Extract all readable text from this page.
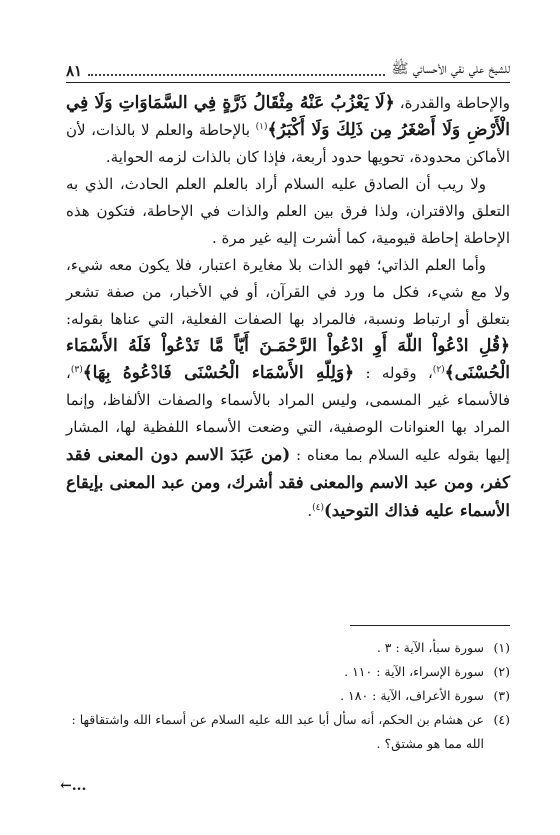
للشيخ علي نقي الأحسائي ﷺ
٨١

والإحاطة والقدرة، ﴿لَا يَعْزُبُ عَنْهُ مِثْقَالُ ذَرَّةٍ فِي السَّمَاوَاتِ وَلَا فِي الْأَرْضِ وَلَا أَصْغَرُ مِن ذَلِكَ وَلَا أَكْبَرُ﴾$^{(١)}$ بالإحاطة والعلم لا بالذات، لأن الأماكن محدودة، تحويها حدود أربعة، فإذا كان بالذات لزمه الحواية.

ولا ريب أن الصادق عليه السلام أراد بالعلم العلم الحادث، الذي به التعلق والاقتران، ولذا فرق بين العلم والذات في الإحاطة، فتكون هذه الإحاطة إحاطة قيومية، كما أشرت إليه غير مرة .

وأما العلم الذاتي؛ فهو الذات بلا مغايرة اعتبار، فلا يكون معه شيء، ولا مع شيء، فكل ما ورد في القرآن، أو في الأخبار، من صفة تشعر بتعلق أو ارتباط ونسبة، فالمراد بها الصفات الفعلية، التي عناها بقوله: ﴿قُلِ ادْعُواْ اللّهَ أَوِ ادْعُواْ الرَّحْمَـنَ أَيّاً مَّا تَدْعُواْ فَلَهُ الأَسْمَاء الْحُسْنَى﴾$^{(٢)}$، وقوله : ﴿وَلِلّهِ الأَسْمَاء الْحُسْنَى فَادْعُوهُ بِهَا﴾$^{(٣)}$، فالأسماء غير المسمى، وليس المراد بالأسماء والصفات الألفاظ، وإنما المراد بها العنوانات الوصفية، التي وضعت الأسماء اللفظية لها، المشار إليها بقوله عليه السلام بما معناه : (من عَبَدَ الاسم دون المعنى فقد كفر، ومن عبد الاسم والمعنى فقد أشرك، ومن عبد المعنى بإيقاع الأسماء عليه فذاك التوحيد)$^{(٤)}$.

(١)
سورة سبأ، الآية : ٣ .
(٢)
سورة الإسراء، الآية : ١١٠ .
(٣)
سورة الأعراف، الآية : ١٨٠ .
(٤)
عن هشام بن الحكم، أنه سأل أبا عبد الله عليه السلام عن أسماء الله واشتقاقها : الله مما هو مشتق؟ .
←...
